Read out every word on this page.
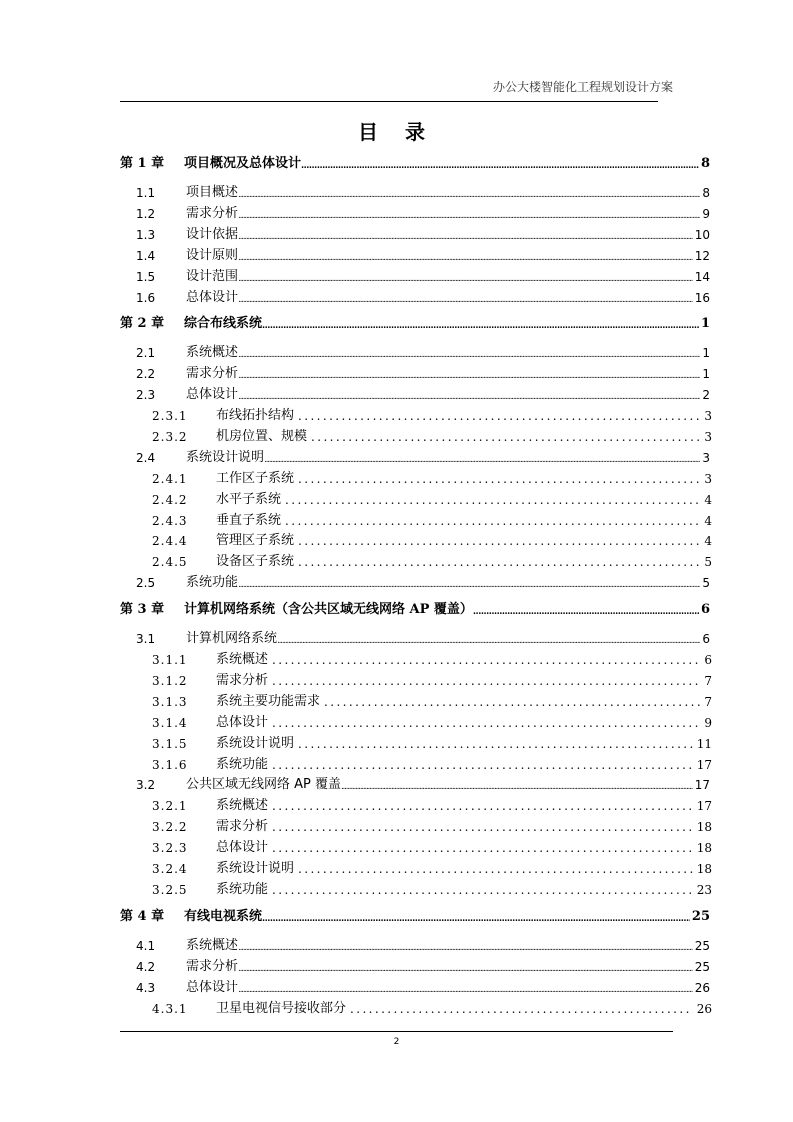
办公大楼智能化工程规划设计方案
目 录
第 1 章	项目概况及总体设计 .....	8
1.1	项目概述 .....	8
1.2	需求分析 .....	9
1.3	设计依据 .....	10
1.4	设计原则 .....	12
1.5	设计范围 .....	14
1.6	总体设计 .....	16
第 2 章	综合布线系统 .....	1
2.1	系统概述 .....	1
2.2	需求分析 .....	1
2.3	总体设计 .....	2
2.3.1	布线拓扑结构 .....	3
2.3.2	机房位置、规模 .....	3
2.4	系统设计说明 .....	3
2.4.1	工作区子系统 .....	3
2.4.2	水平子系统 .....	4
2.4.3	垂直子系统 .....	4
2.4.4	管理区子系统 .....	4
2.4.5	设备区子系统 .....	5
2.5	系统功能 .....	5
第 3 章	计算机网络系统（含公共区域无线网络 AP 覆盖） .....	6
3.1	计算机网络系统 .....	6
3.1.1	系统概述 .....	6
3.1.2	需求分析 .....	7
3.1.3	系统主要功能需求 .....	7
3.1.4	总体设计 .....	9
3.1.5	系统设计说明 .....	11
3.1.6	系统功能 .....	17
3.2	公共区域无线网络 AP 覆盖 .....	17
3.2.1	系统概述 .....	17
3.2.2	需求分析 .....	18
3.2.3	总体设计 .....	18
3.2.4	系统设计说明 .....	18
3.2.5	系统功能 .....	23
第 4 章	有线电视系统 .....	25
4.1	系统概述 .....	25
4.2	需求分析 .....	25
4.3	总体设计 .....	26
4.3.1	卫星电视信号接收部分 .....	26
2
